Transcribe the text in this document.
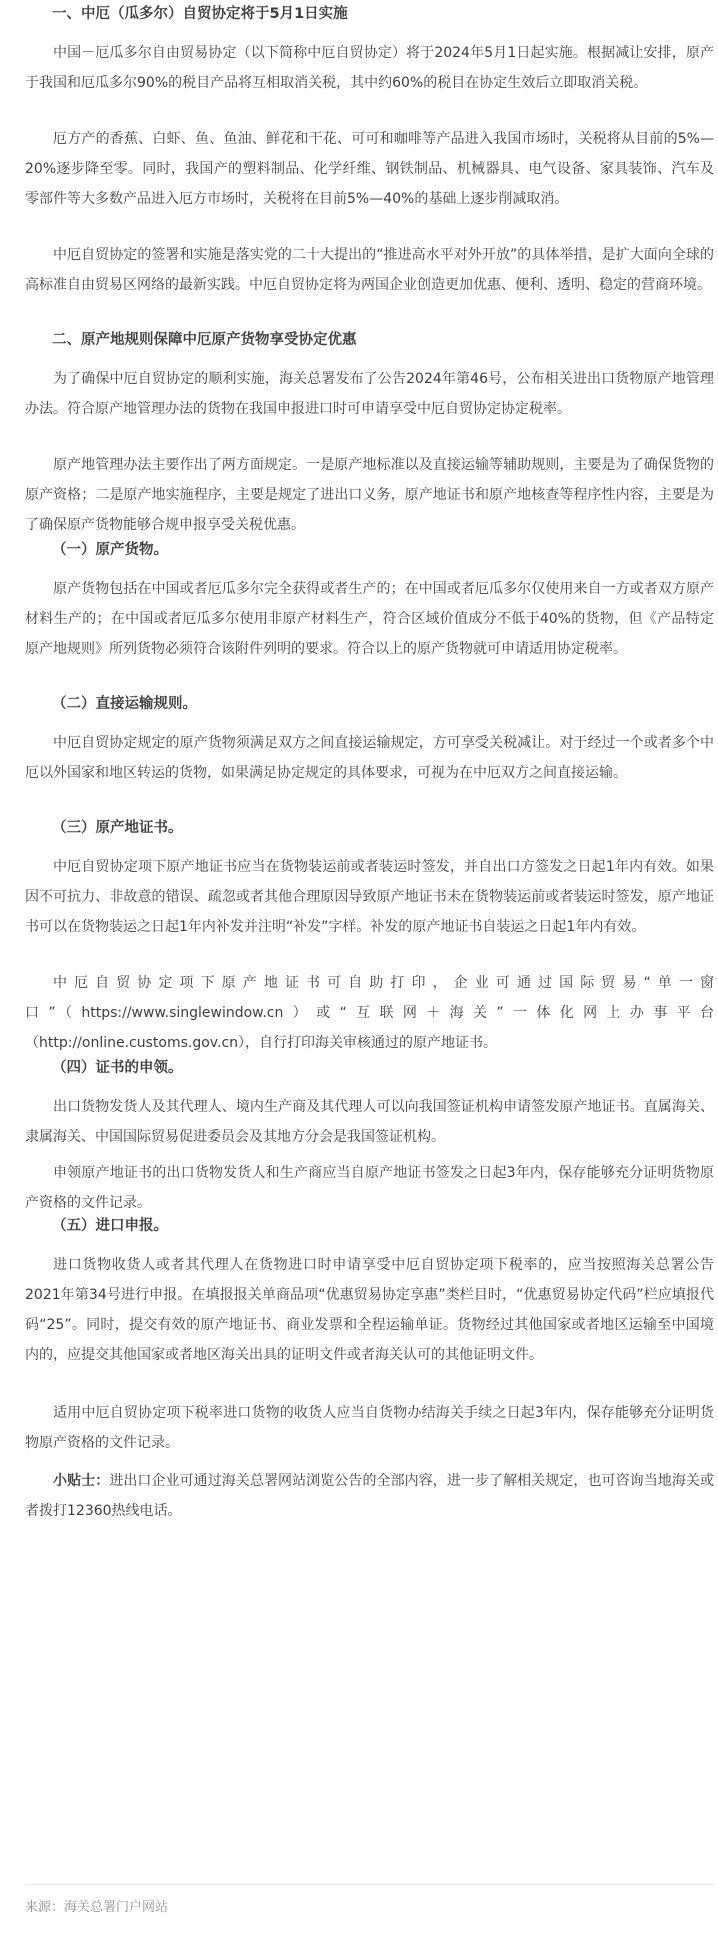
一、中厄（瓜多尔）自贸协定将于5月1日实施

中国－厄瓜多尔自由贸易协定（以下简称中厄自贸协定）将于2024年5月1日起实施。根据减让安排，原产于我国和厄瓜多尔90%的税目产品将互相取消关税，其中约60%的税目在协定生效后立即取消关税。

厄方产的香蕉、白虾、鱼、鱼油、鲜花和干花、可可和咖啡等产品进入我国市场时，关税将从目前的5%—20%逐步降至零。同时，我国产的塑料制品、化学纤维、钢铁制品、机械器具、电气设备、家具装饰、汽车及零部件等大多数产品进入厄方市场时，关税将在目前5%—40%的基础上逐步削减取消。

中厄自贸协定的签署和实施是落实党的二十大提出的“推进高水平对外开放”的具体举措，是扩大面向全球的高标准自由贸易区网络的最新实践。中厄自贸协定将为两国企业创造更加优惠、便利、透明、稳定的营商环境。

二、原产地规则保障中厄原产货物享受协定优惠

为了确保中厄自贸协定的顺利实施，海关总署发布了公告2024年第46号，公布相关进出口货物原产地管理办法。符合原产地管理办法的货物在我国申报进口时可申请享受中厄自贸协定协定税率。

原产地管理办法主要作出了两方面规定。一是原产地标准以及直接运输等辅助规则，主要是为了确保货物的原产资格；二是原产地实施程序，主要是规定了进出口义务，原产地证书和原产地核查等程序性内容，主要是为了确保原产货物能够合规申报享受关税优惠。

（一）原产货物。

原产货物包括在中国或者厄瓜多尔完全获得或者生产的；在中国或者厄瓜多尔仅使用来自一方或者双方原产材料生产的；在中国或者厄瓜多尔使用非原产材料生产，符合区域价值成分不低于40%的货物，但《产品特定原产地规则》所列货物必须符合该附件列明的要求。符合以上的原产货物就可申请适用协定税率。

（二）直接运输规则。

中厄自贸协定规定的原产货物须满足双方之间直接运输规定，方可享受关税减让。对于经过一个或者多个中厄以外国家和地区转运的货物，如果满足协定规定的具体要求，可视为在中厄双方之间直接运输。

（三）原产地证书。

中厄自贸协定项下原产地证书应当在货物装运前或者装运时签发，并自出口方签发之日起1年内有效。如果因不可抗力、非故意的错误、疏忽或者其他合理原因导致原产地证书未在货物装运前或者装运时签发，原产地证书可以在货物装运之日起1年内补发并注明“补发”字样。补发的原产地证书自装运之日起1年内有效。

中厄自贸协定项下原产地证书可自助打印，企业可通过国际贸易“单一窗口”（https://www.singlewindow.cn）或“互联网＋海关”一体化网上办事平台（http://online.customs.gov.cn），自行打印海关审核通过的原产地证书。

（四）证书的申领。

出口货物发货人及其代理人、境内生产商及其代理人可以向我国签证机构申请签发原产地证书。直属海关、隶属海关、中国国际贸易促进委员会及其地方分会是我国签证机构。

申领原产地证书的出口货物发货人和生产商应当自原产地证书签发之日起3年内，保存能够充分证明货物原产资格的文件记录。

（五）进口申报。

进口货物收货人或者其代理人在货物进口时申请享受中厄自贸协定项下税率的，应当按照海关总署公告2021年第34号进行申报。在填报报关单商品项“优惠贸易协定享惠”类栏目时，“优惠贸易协定代码”栏应填报代码“25”。同时，提交有效的原产地证书、商业发票和全程运输单证。货物经过其他国家或者地区运输至中国境内的，应提交其他国家或者地区海关出具的证明文件或者海关认可的其他证明文件。

适用中厄自贸协定项下税率进口货物的收货人应当自货物办结海关手续之日起3年内，保存能够充分证明货物原产资格的文件记录。

小贴士：进出口企业可通过海关总署网站浏览公告的全部内容，进一步了解相关规定，也可咨询当地海关或者拨打12360热线电话。

来源：海关总署门户网站
